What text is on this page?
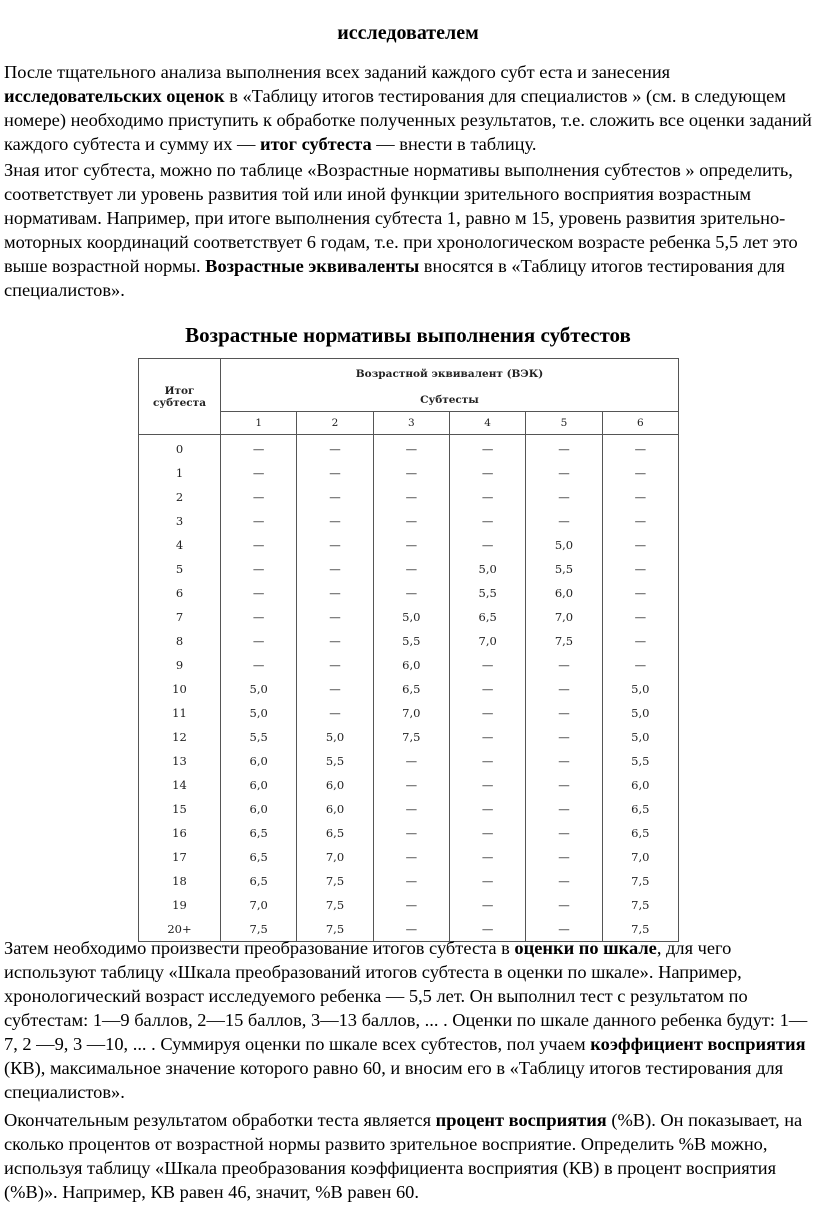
исследователем

После тщательного анализа выполнения всех заданий каждого субт еста и занесения исследовательских оценок в «Таблицу итогов тестирования для специалистов » (см. в следующем номере) необходимо приступить к обработке полученных результатов, т.е. сложить все оценки заданий каждого субтеста и сумму их — итог субтеста — внести в таблицу.

Зная итог субтеста, можно по таблице «Возрастные нормативы выполнения субтестов » определить, соответствует ли уровень развития той или иной функции зрительного восприятия возрастным нормативам. Например, при итоге выполнения субтеста 1, равно м 15, уровень развития зрительно-моторных координаций соответствует 6 годам, т.е. при хронологическом возрасте ребенка 5,5 лет это выше возрастной нормы. Возрастные эквиваленты вносятся в «Таблицу итогов тестирования для специалистов».

Возрастные нормативы выполнения субтестов
Итог субтеста	Возрастной эквивалент (ВЭК)					
	Субтесты					
	1	2	3	4	5	6
0	—	—	—	—	—	—
1	—	—	—	—	—	—
2	—	—	—	—	—	—
3	—	—	—	—	—	—
4	—	—	—	—	5,0	—
5	—	—	—	5,0	5,5	—
6	—	—	—	5,5	6,0	—
7	—	—	5,0	6,5	7,0	—
8	—	—	5,5	7,0	7,5	—
9	—	—	6,0	—	—	—
10	5,0	—	6,5	—	—	5,0
11	5,0	—	7,0	—	—	5,0
12	5,5	5,0	7,5	—	—	5,0
13	6,0	5,5	—	—	—	5,5
14	6,0	6,0	—	—	—	6,0
15	6,0	6,0	—	—	—	6,5
16	6,5	6,5	—	—	—	6,5
17	6,5	7,0	—	—	—	7,0
18	6,5	7,5	—	—	—	7,5
19	7,0	7,5	—	—	—	7,5
20+	7,5	7,5	—	—	—	7,5

Затем необходимо произвести преобразование итогов субтеста в оценки по шкале, для чего используют таблицу «Шкала преобразований итогов субтеста в оценки по шкале». Например, хронологический возраст исследуемого ребенка — 5,5 лет. Он выполнил тест с результатом по субтестам: 1—9 баллов, 2—15 баллов, 3—13 баллов, ... . Оценки по шкале данного ребенка будут: 1—7, 2 —9, 3 —10, ... . Суммируя оценки по шкале всех субтестов, пол учаем коэффициент восприятия (КВ), максимальное значение которого равно 60, и вносим его в «Таблицу итогов тестирования для специалистов».

Окончательным результатом обработки теста является процент восприятия (%В). Он показывает, на сколько процентов от возрастной нормы развито зрительное восприятие. Определить %В можно, используя таблицу «Шкала преобразования коэффициента восприятия (КВ) в процент восприятия (%В)». Например, КВ равен 46, значит, %В равен 60.
